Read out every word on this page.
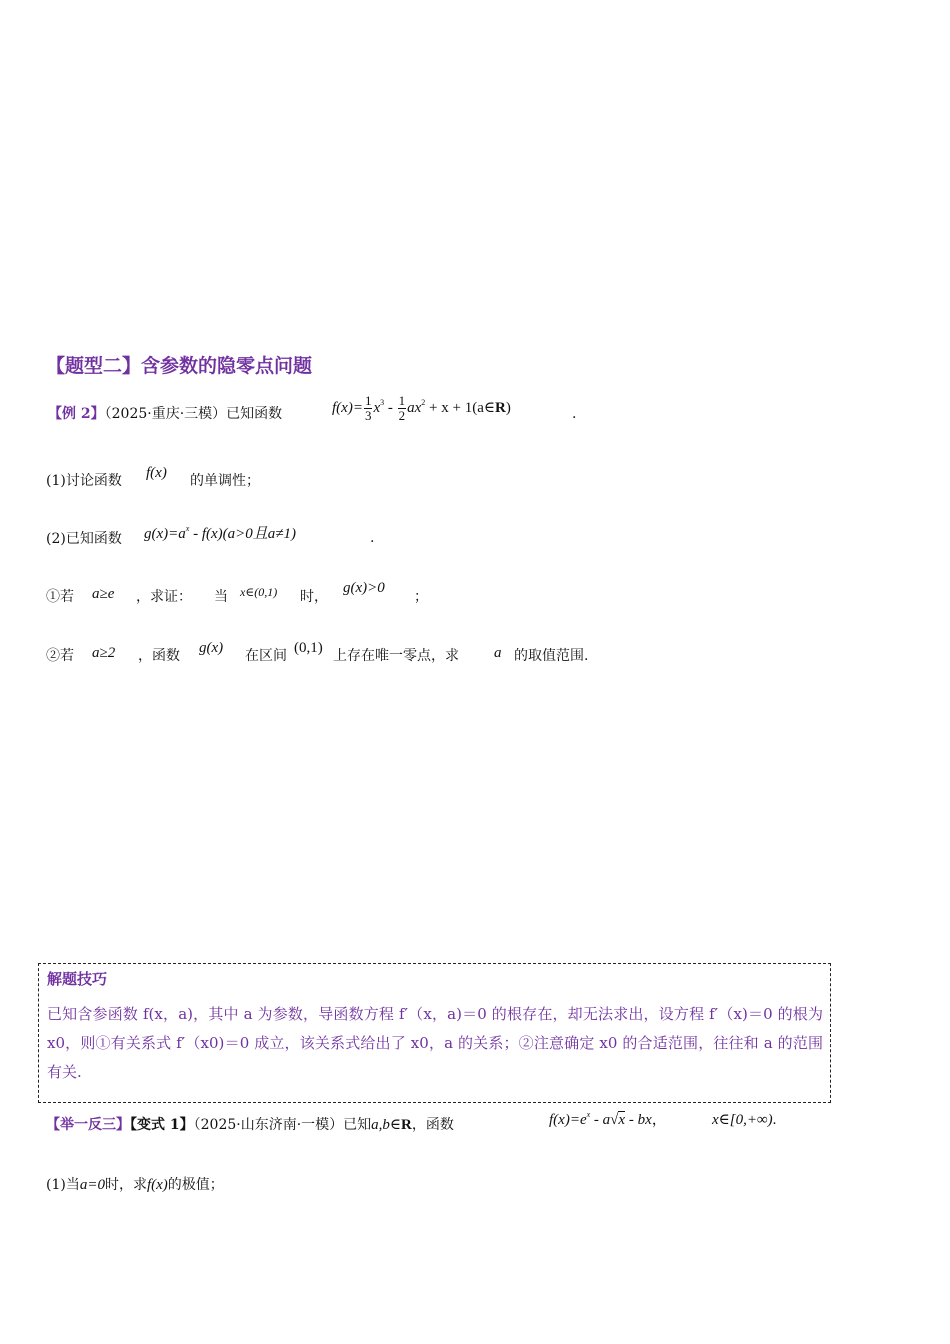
【题型二】含参数的隐零点问题
【例 2】（2025·重庆·三模）已知函数	$f(x)= \frac{1}{3} x^3 - \frac{1}{2} ax^2 + x$ + 1(a∈R)	.
(1)讨论函数 f(x) 的单调性；
(2)已知函数 $g(x)=a^x - f(x)(a>0$且a≠1)	.
①若 a≥e ，求证： 当 x∈(0,1) 时，
g(x)>0
；
②若 a≥2 ，函数 g(x) 在区间 (0,1) 上存在唯一零点，求 a 的取值范围.
解题技巧
已知含参函数 f(x，a)，其中 a 为参数，导函数方程 f′（x，a)＝0 的根存在，却无法求出，设方程 f′（x)＝0 的根为 x0，则①有关系式 f′（x0)＝0 成立，该关系式给出了 x0，a 的关系；②注意确定 x0 的合适范围，往往和 a 的范围有关.
【举一反三】【变式 1】（2025·山东济南·一模）已知a,b∈R，函数	$f(x)=e^x - a√x$ - bx，	x∈[0,+∞).
(1)当a=0时，求f(x)的极值；
